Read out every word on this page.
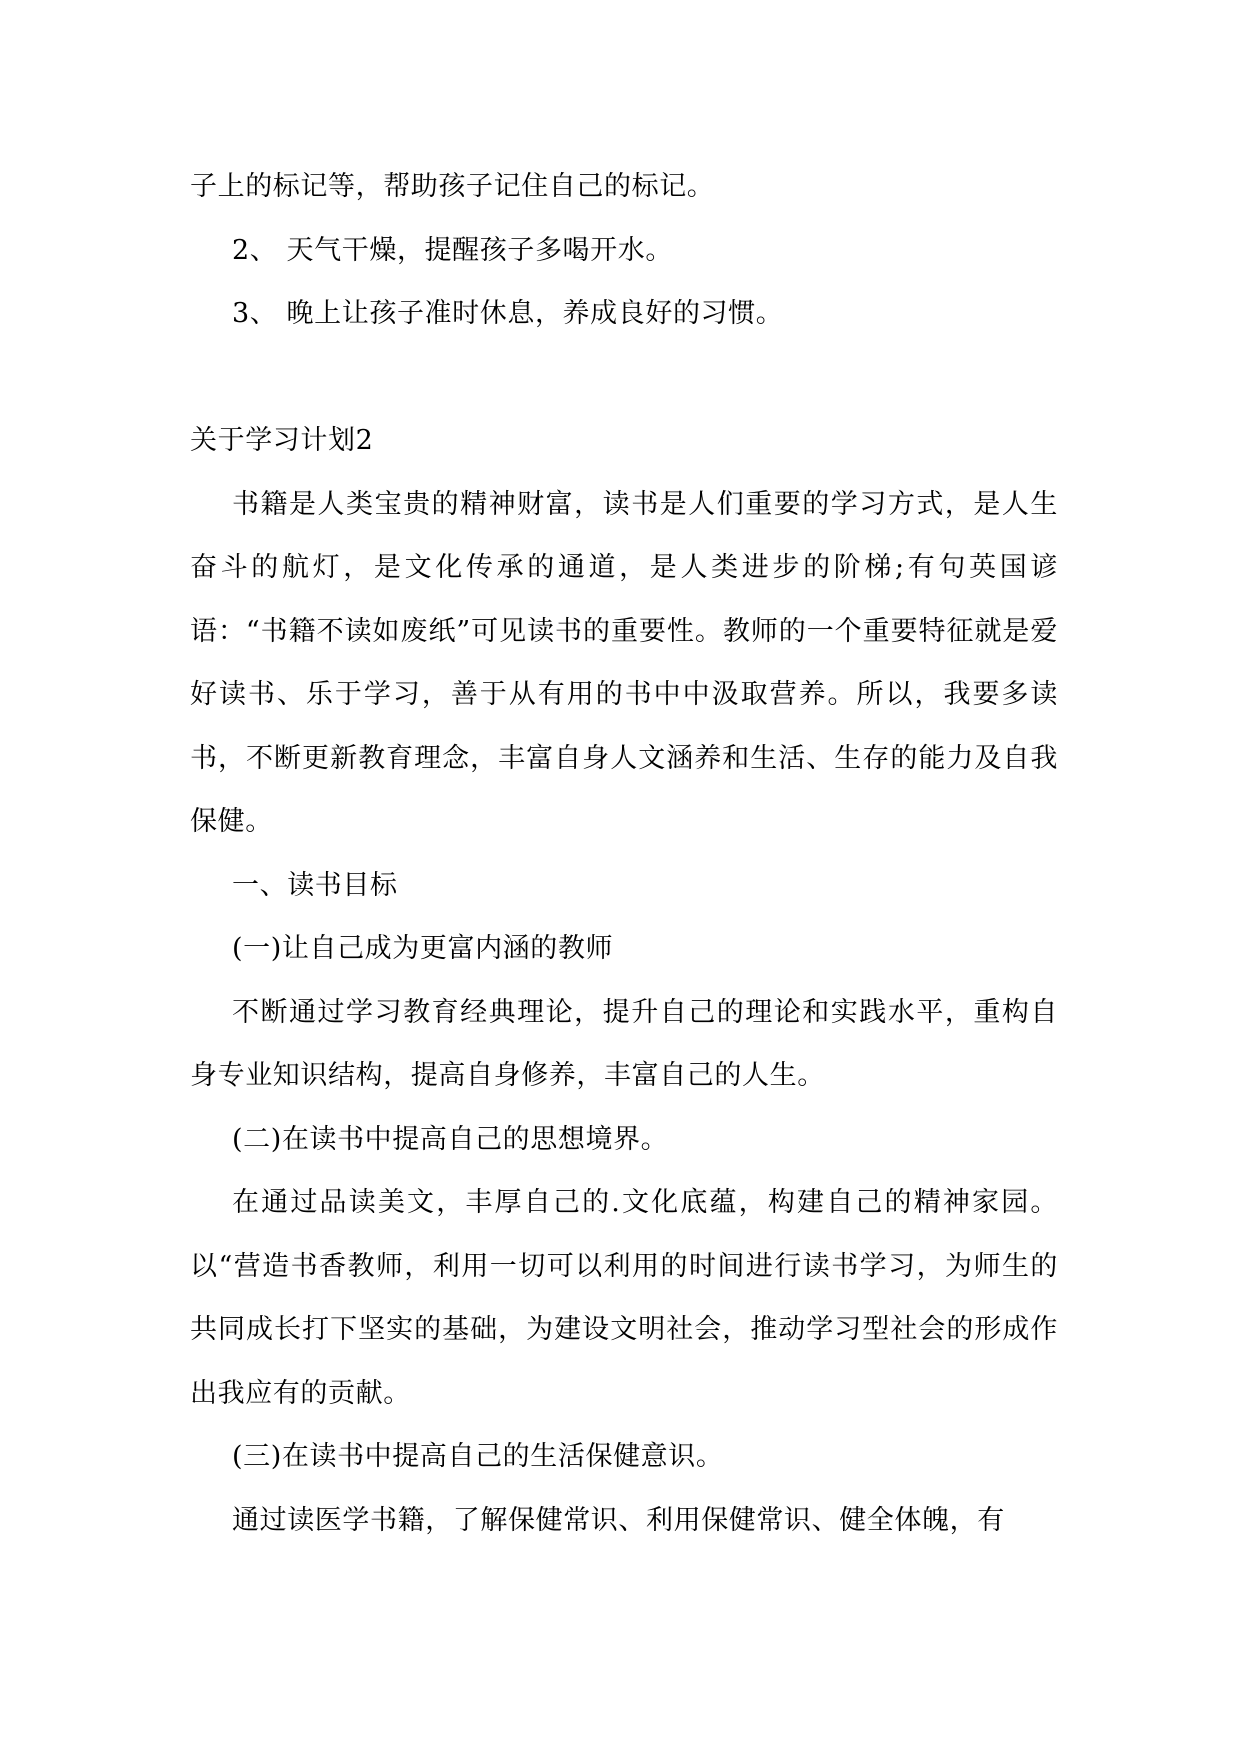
子上的标记等，帮助孩子记住自己的标记。

2、 天气干燥，提醒孩子多喝开水。

3、 晚上让孩子准时休息，养成良好的习惯。

关于学习计划2

书籍是人类宝贵的精神财富，读书是人们重要的学习方式，是人生奋斗的航灯，是文化传承的通道，是人类进步的阶梯;有句英国谚语：“书籍不读如废纸”可见读书的重要性。教师的一个重要特征就是爱好读书、乐于学习，善于从有用的书中中汲取营养。所以，我要多读书，不断更新教育理念，丰富自身人文涵养和生活、生存的能力及自我保健。

一、读书目标

(一)让自己成为更富内涵的教师

不断通过学习教育经典理论，提升自己的理论和实践水平，重构自身专业知识结构，提高自身修养，丰富自己的人生。

(二)在读书中提高自己的思想境界。

在通过品读美文，丰厚自己的.文化底蕴，构建自己的精神家园。以“营造书香教师，利用一切可以利用的时间进行读书学习，为师生的共同成长打下坚实的基础，为建设文明社会，推动学习型社会的形成作出我应有的贡献。

(三)在读书中提高自己的生活保健意识。

通过读医学书籍，了解保健常识、利用保健常识、健全体魄，有
